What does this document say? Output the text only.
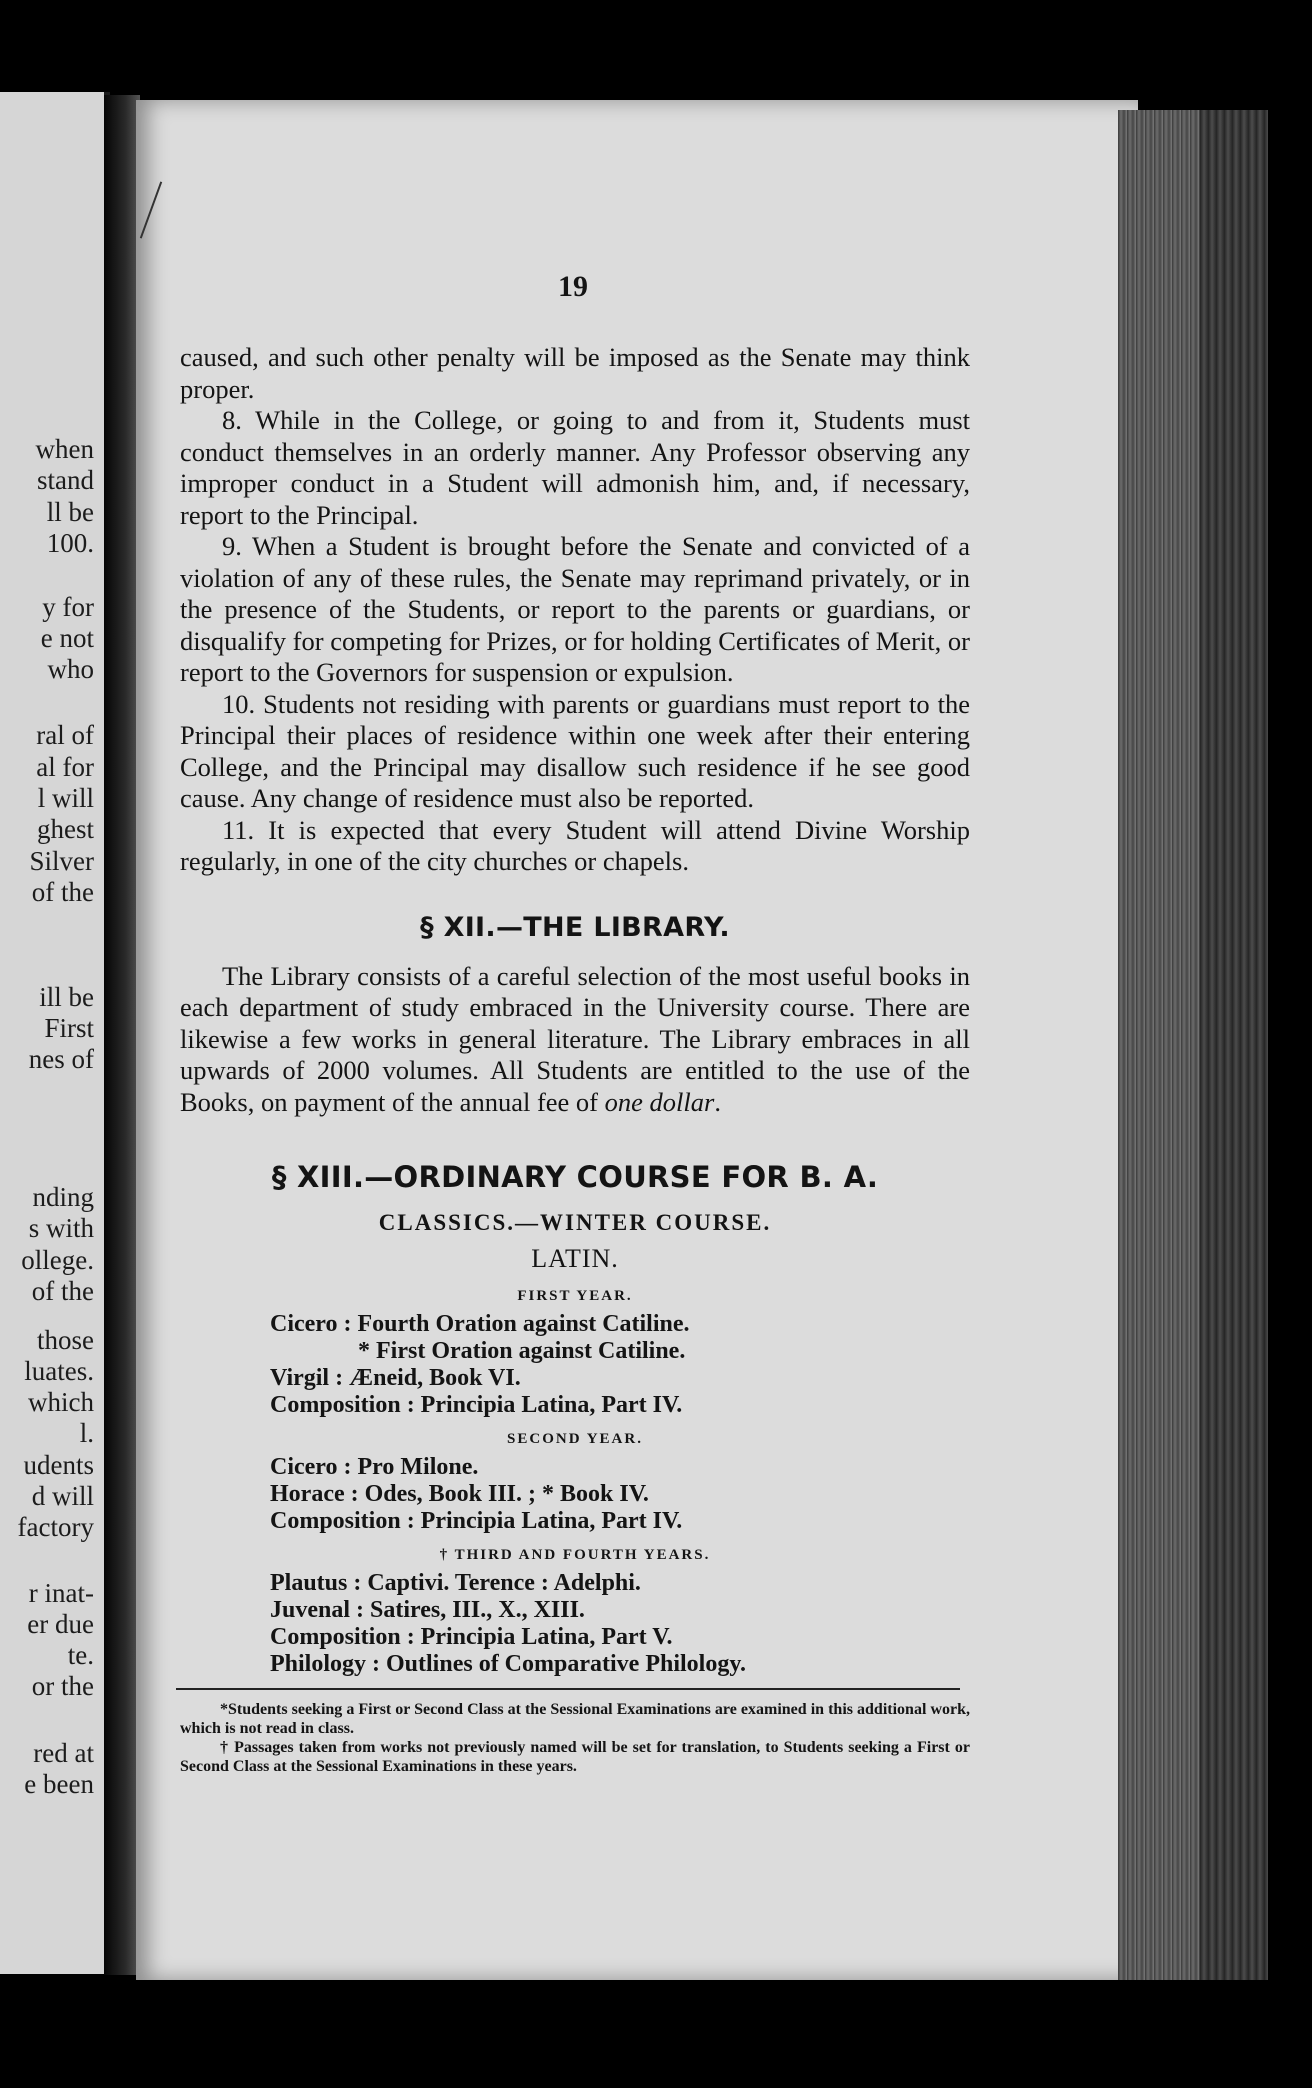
when
stand
ll be
100.
y for
e not
who
ral of
al for
l will
ghest
Silver
of the
ill be
First
nes of
nding
s with
ollege.
of the
those
luates.
which
l.
udents
d will
factory
r inat-
er due
te.
or the
red at
e been
19

caused, and such other penalty will be imposed as the Senate may think proper.

8. While in the College, or going to and from it, Students must conduct themselves in an orderly manner. Any Professor observing any improper conduct in a Student will admonish him, and, if necessary, report to the Principal.

9. When a Student is brought before the Senate and convicted of a violation of any of these rules, the Senate may reprimand privately, or in the presence of the Students, or report to the parents or guardians, or disqualify for competing for Prizes, or for holding Certificates of Merit, or report to the Governors for suspension or expulsion.

10. Students not residing with parents or guardians must report to the Principal their places of residence within one week after their entering College, and the Principal may disallow such residence if he see good cause. Any change of residence must also be reported.

11. It is expected that every Student will attend Divine Worship regularly, in one of the city churches or chapels.

§ XII.—THE LIBRARY.

The Library consists of a careful selection of the most useful books in each department of study embraced in the University course. There are likewise a few works in general literature. The Library embraces in all upwards of 2000 volumes. All Students are entitled to the use of the Books, on payment of the annual fee of one dollar.

§ XIII.—ORDINARY COURSE FOR B. A.
CLASSICS.—WINTER COURSE.
LATIN.
FIRST YEAR.
Cicero : Fourth Oration against Catiline.
* First Oration against Catiline.
Virgil : Æneid, Book VI.
Composition : Principia Latina, Part IV.
SECOND YEAR.
Cicero : Pro Milone.
Horace : Odes, Book III. ; * Book IV.
Composition : Principia Latina, Part IV.
† THIRD AND FOURTH YEARS.
Plautus : Captivi. Terence : Adelphi.
Juvenal : Satires, III., X., XIII.
Composition : Principia Latina, Part V.
Philology : Outlines of Comparative Philology.
*Students seeking a First or Second Class at the Sessional Examinations are examined in this additional work, which is not read in class.
† Passages taken from works not previously named will be set for translation, to Students seeking a First or Second Class at the Sessional Examinations in these years.
